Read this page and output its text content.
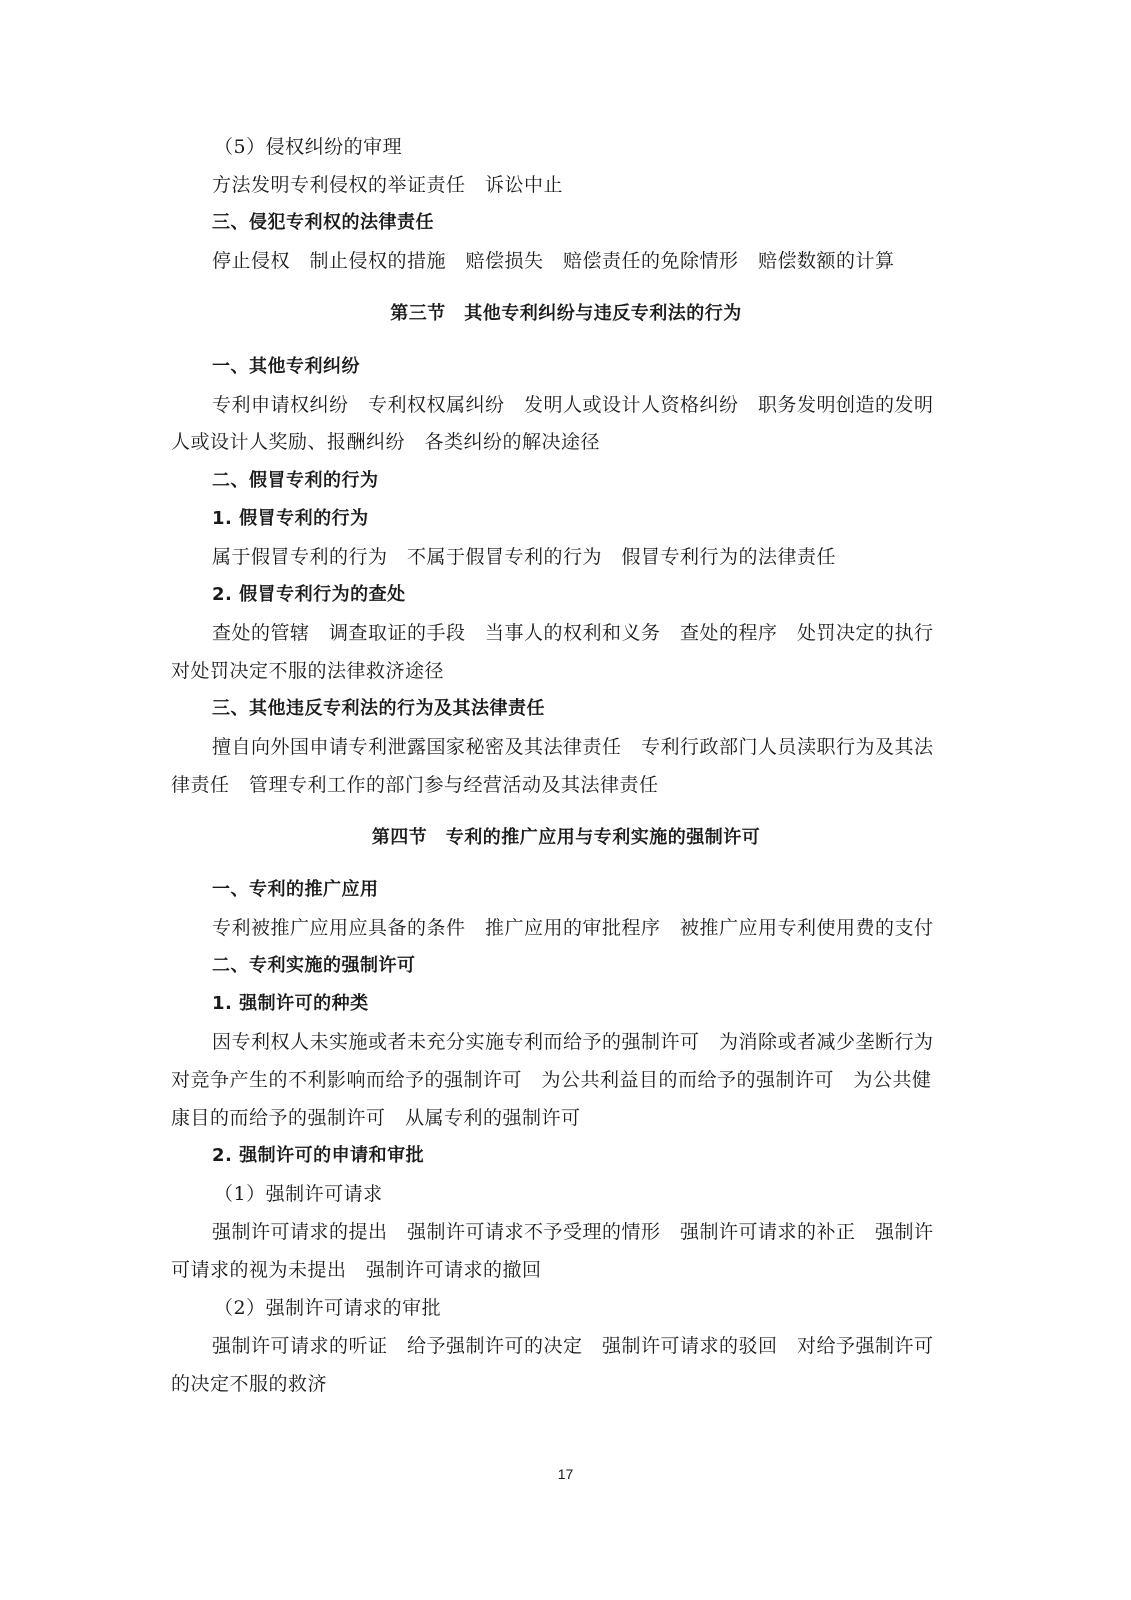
（5）侵权纠纷的审理
方法发明专利侵权的举证责任　诉讼中止
三、侵犯专利权的法律责任
停止侵权　制止侵权的措施　赔偿损失　赔偿责任的免除情形　赔偿数额的计算
第三节　其他专利纠纷与违反专利法的行为
一、其他专利纠纷
专利申请权纠纷　专利权权属纠纷　发明人或设计人资格纠纷　职务发明创造的发明
人或设计人奖励、报酬纠纷　各类纠纷的解决途径
二、假冒专利的行为
1. 假冒专利的行为
属于假冒专利的行为　不属于假冒专利的行为　假冒专利行为的法律责任
2. 假冒专利行为的查处
查处的管辖　调查取证的手段　当事人的权利和义务　查处的程序　处罚决定的执行
对处罚决定不服的法律救济途径
三、其他违反专利法的行为及其法律责任
擅自向外国申请专利泄露国家秘密及其法律责任　专利行政部门人员渎职行为及其法
律责任　管理专利工作的部门参与经营活动及其法律责任
第四节　专利的推广应用与专利实施的强制许可
一、专利的推广应用
专利被推广应用应具备的条件　推广应用的审批程序　被推广应用专利使用费的支付
二、专利实施的强制许可
1. 强制许可的种类
因专利权人未实施或者未充分实施专利而给予的强制许可　为消除或者减少垄断行为
对竞争产生的不利影响而给予的强制许可　为公共利益目的而给予的强制许可　为公共健
康目的而给予的强制许可　从属专利的强制许可
2. 强制许可的申请和审批
（1）强制许可请求
强制许可请求的提出　强制许可请求不予受理的情形　强制许可请求的补正　强制许
可请求的视为未提出　强制许可请求的撤回
（2）强制许可请求的审批
强制许可请求的听证　给予强制许可的决定　强制许可请求的驳回　对给予强制许可
的决定不服的救济
17
